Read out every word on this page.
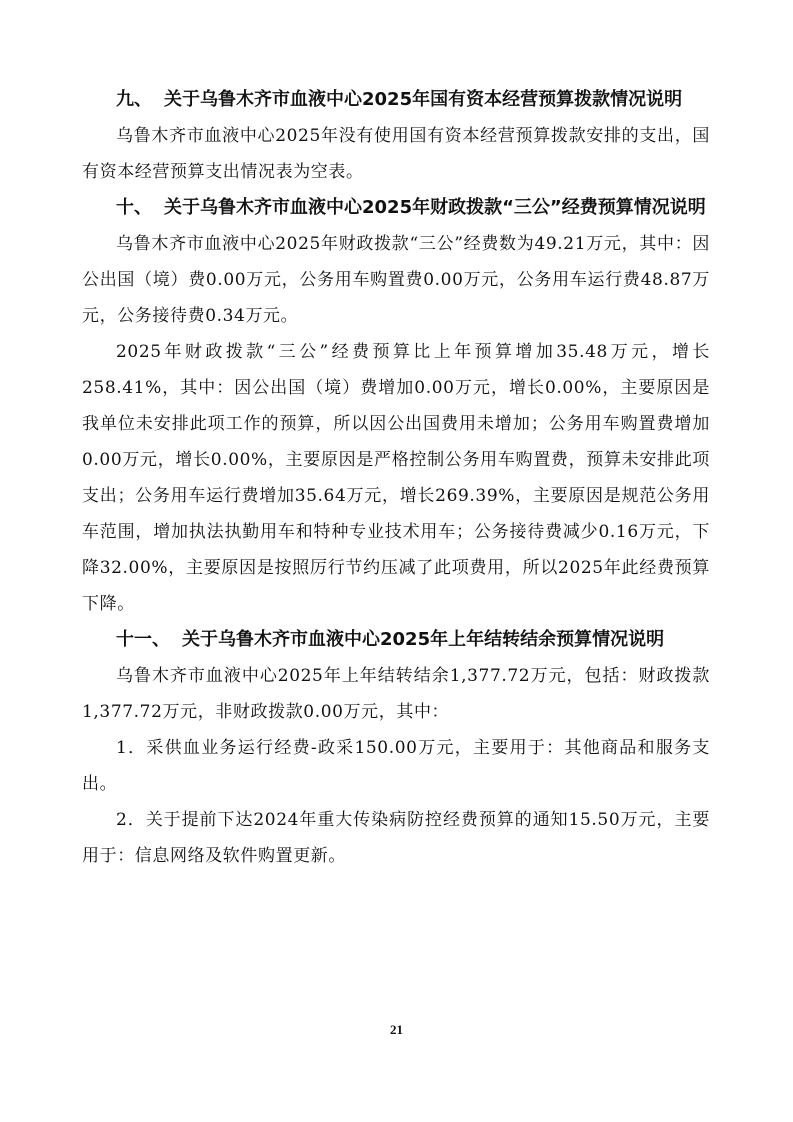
九、 关于乌鲁木齐市血液中心2025年国有资本经营预算拨款情况说明

乌鲁木齐市血液中心2025年没有使用国有资本经营预算拨款安排的支出，国有资本经营预算支出情况表为空表。

十、 关于乌鲁木齐市血液中心2025年财政拨款“三公”经费预算情况说明

乌鲁木齐市血液中心2025年财政拨款“三公”经费数为49.21万元，其中：因公出国（境）费0.00万元，公务用车购置费0.00万元，公务用车运行费48.87万元，公务接待费0.34万元。

2025年财政拨款“三公”经费预算比上年预算增加35.48万元，增长258.41%，其中：因公出国（境）费增加0.00万元，增长0.00%，主要原因是我单位未安排此项工作的预算，所以因公出国费用未增加；公务用车购置费增加0.00万元，增长0.00%，主要原因是严格控制公务用车购置费，预算未安排此项支出；公务用车运行费增加35.64万元，增长269.39%，主要原因是规范公务用车范围，增加执法执勤用车和特种专业技术用车；公务接待费减少0.16万元，下降32.00%，主要原因是按照厉行节约压减了此项费用，所以2025年此经费预算下降。

十一、 关于乌鲁木齐市血液中心2025年上年结转结余预算情况说明

乌鲁木齐市血液中心2025年上年结转结余1,377.72万元，包括：财政拨款1,377.72万元，非财政拨款0.00万元，其中：

1．采供血业务运行经费-政采150.00万元，主要用于：其他商品和服务支出。

2．关于提前下达2024年重大传染病防控经费预算的通知15.50万元，主要用于：信息网络及软件购置更新。

21
